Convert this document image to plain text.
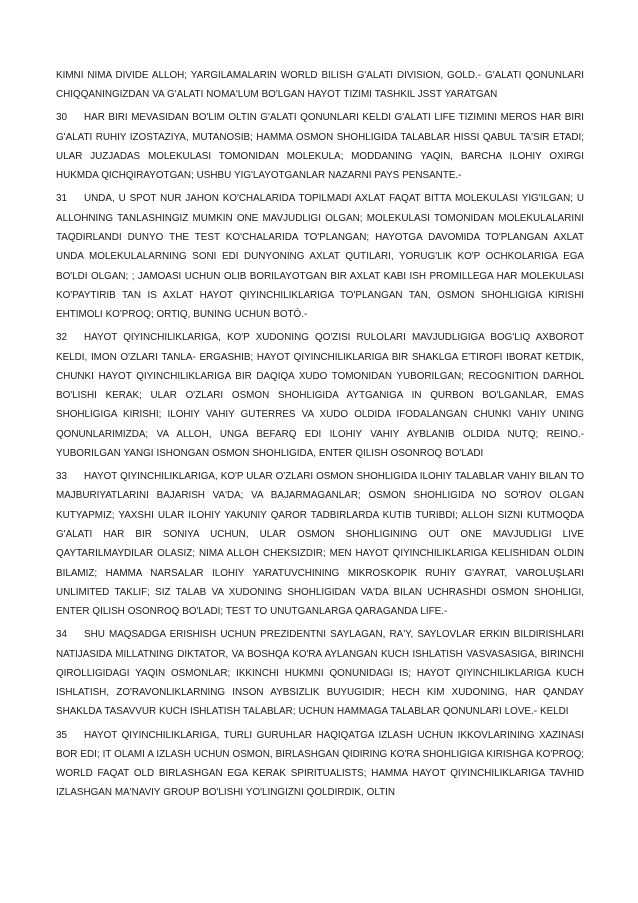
KIMNI NIMA DIVIDE ALLOH; YARGILAMALARIN WORLD BILISH G'ALATI DIVISION, GOLD.- G'ALATI QONUNLARI CHIQQANINGIZDAN VA G'ALATI NOMA'LUM BO'LGAN HAYOT TIZIMI TASHKIL JSST YARATGAN

30 HAR BIRI MEVASIDAN BO'LIM OLTIN G'ALATI QONUNLARI KELDI G'ALATI LIFE TIZIMINI MEROS HAR BIRI G'ALATI RUHIY IZOSTAZIYA, MUTANOSIB; HAMMA OSMON SHOHLIGIDA TALABLAR HISSI QABUL TA'SIR ETADI; ULAR JUZJADAS MOLEKULASI TOMONIDAN MOLEKULA; MODDANING YAQIN, BARCHA ILOHIY OXIRGI HUKMDA QICHQIRAYOTGAN; USHBU YIG'LAYOTGANLAR NAZARNI PAYS PENSANTE.-

31 UNDA, U SPOT NUR JAHON KO'CHALARIDA TOPILMADI AXLAT FAQAT BITTA MOLEKULASI YIG'ILGAN; U ALLOHNING TANLASHINGIZ MUMKIN ONE MAVJUDLIGI OLGAN; MOLEKULASI TOMONIDAN MOLEKULALARINI TAQDIRLANDI DUNYO THE TEST KO'CHALARIDA TO'PLANGAN; HAYOTGA DAVOMIDA TO'PLANGAN AXLAT UNDA MOLEKULALARNING SONI EDI DUNYONING AXLAT QUTILARI, YORUG'LIK KO'P OCHKOLARIGA EGA BO'LDI OLGAN; ; JAMOASI UCHUN OLIB BORILAYOTGAN BIR AXLAT KABI ISH PROMILLEGA HAR MOLEKULASI KO'PAYTIRIB TAN IS AXLAT HAYOT QIYINCHILIKLARIGA TO'PLANGAN TAN, OSMON SHOHLIGIGA KIRISHI EHTIMOLI KO'PROQ; ORTIQ, BUNING UCHUN BOTÓ.-

32 HAYOT QIYINCHILIKLARIGA, KO'P XUDONING QO'ZISI RULOLARI MAVJUDLIGIGA BOG'LIQ AXBOROT KELDI, IMON O'ZLARI TANLA- ERGASHIB; HAYOT QIYINCHILIKLARIGA BIR SHAKLGA E'TIROFI IBORAT KETDIK, CHUNKI HAYOT QIYINCHILIKLARIGA BIR DAQIQA XUDO TOMONIDAN YUBORILGAN; RECOGNITION DARHOL BO'LISHI KERAK; ULAR O'ZLARI OSMON SHOHLIGIDA AYTGANIGA IN QURBON BO'LGANLAR, EMAS SHOHLIGIGA KIRISHI; ILOHIY VAHIY GUTERRES VA XUDO OLDIDA IFODALANGAN CHUNKI VAHIY UNING QONUNLARIMIZDA; VA ALLOH, UNGA BEFARQ EDI ILOHIY VAHIY AYBLANIB OLDIDA NUTQ; REINO.- YUBORILGAN YANGI ISHONGAN OSMON SHOHLIGIDA, ENTER QILISH OSONROQ BO'LADI

33 HAYOT QIYINCHILIKLARIGA, KO'P ULAR O'ZLARI OSMON SHOHLIGIDA ILOHIY TALABLAR VAHIY BILAN TO MAJBURIYATLARINI BAJARISH VA'DA; VA BAJARMAGANLAR; OSMON SHOHLIGIDA NO SO'ROV OLGAN KUTYAPMIZ; YAXSHI ULAR ILOHIY YAKUNIY QAROR TADBIRLARDA KUTIB TURIBDI; ALLOH SIZNI KUTMOQDA G'ALATI HAR BIR SONIYA UCHUN, ULAR OSMON SHOHLIGINING OUT ONE MAVJUDLIGI LIVE QAYTARILMAYDILAR OLASIZ; NIMA ALLOH CHEKSIZDIR; MEN HAYOT QIYINCHILIKLARIGA KELISHIDAN OLDIN BILAMIZ; HAMMA NARSALAR ILOHIY YARATUVCHINING MIKROSKOPIK RUHIY G'AYRAT, VAROLUŞLARI UNLIMITED TAKLIF; SIZ TALAB VA XUDONING SHOHLIGIDAN VA'DA BILAN UCHRASHDI OSMON SHOHLIGI, ENTER QILISH OSONROQ BO'LADI; TEST TO UNUTGANLARGA QARAGANDA LIFE.-

34 SHU MAQSADGA ERISHISH UCHUN PREZIDENTNI SAYLAGAN, RA'Y, SAYLOVLAR ERKIN BILDIRISHLARI NATIJASIDA MILLATNING DIKTATOR, VA BOSHQA KO'RA AYLANGAN KUCH ISHLATISH VASVASASIGA, BIRINCHI QIROLLIGIDAGI YAQIN OSMONLAR; IKKINCHI HUKMNI QONUNIDAGI IS; HAYOT QIYINCHILIKLARIGA KUCH ISHLATISH, ZO'RAVONLIKLARNING INSON AYBSIZLIK BUYUGIDIR; HECH KIM XUDONING, HAR QANDAY SHAKLDA TASAVVUR KUCH ISHLATISH TALABLAR; UCHUN HAMMAGA TALABLAR QONUNLARI LOVE.- KELDI

35 HAYOT QIYINCHILIKLARIGA, TURLI GURUHLAR HAQIQATGA IZLASH UCHUN IKKOVLARINING XAZINASI BOR EDI; IT OLAMI A IZLASH UCHUN OSMON, BIRLASHGAN QIDIRING KO'RA SHOHLIGIGA KIRISHGA KO'PROQ; WORLD FAQAT OLD BIRLASHGAN EGA KERAK SPIRITUALISTS; HAMMA HAYOT QIYINCHILIKLARIGA TAVHID IZLASHGAN MA'NAVIY GROUP BO'LISHI YO'LINGIZNI QOLDIRDIK, OLTIN
